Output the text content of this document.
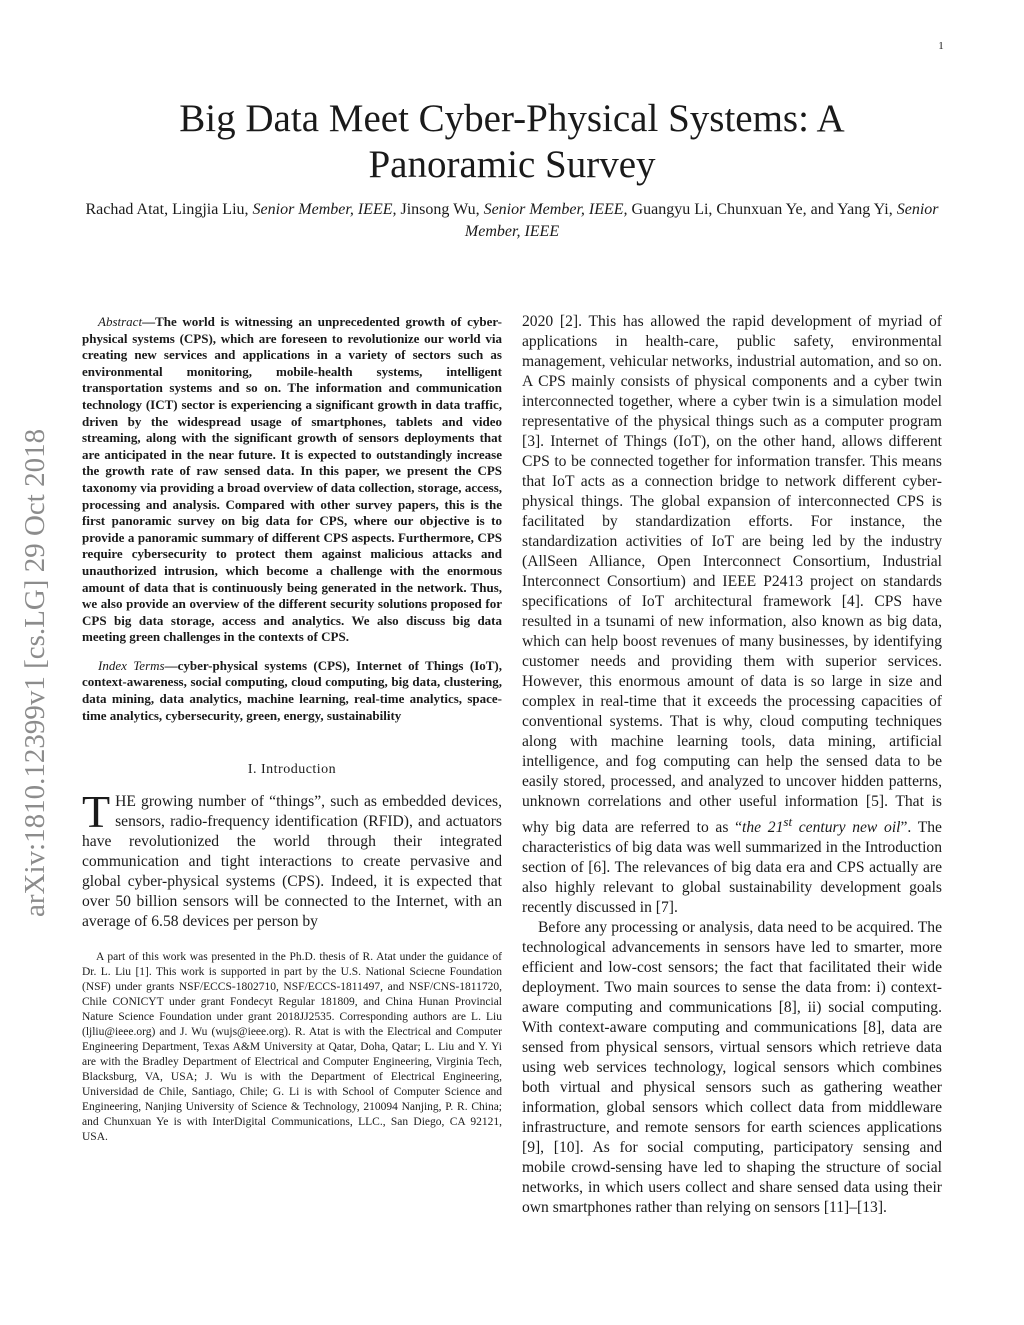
1
arXiv:1810.12399v1 [cs.LG] 29 Oct 2018
Big Data Meet Cyber-Physical Systems: A Panoramic Survey
Rachad Atat, Lingjia Liu, Senior Member, IEEE, Jinsong Wu, Senior Member, IEEE, Guangyu Li, Chunxuan Ye, and Yang Yi, Senior Member, IEEE

Abstract—The world is witnessing an unprecedented growth of cyber-physical systems (CPS), which are foreseen to revolutionize our world via creating new services and applications in a variety of sectors such as environmental monitoring, mobile-health systems, intelligent transportation systems and so on. The information and communication technology (ICT) sector is experiencing a significant growth in data traffic, driven by the widespread usage of smartphones, tablets and video streaming, along with the significant growth of sensors deployments that are anticipated in the near future. It is expected to outstandingly increase the growth rate of raw sensed data. In this paper, we present the CPS taxonomy via providing a broad overview of data collection, storage, access, processing and analysis. Compared with other survey papers, this is the first panoramic survey on big data for CPS, where our objective is to provide a panoramic summary of different CPS aspects. Furthermore, CPS require cybersecurity to protect them against malicious attacks and unauthorized intrusion, which become a challenge with the enormous amount of data that is continuously being generated in the network. Thus, we also provide an overview of the different security solutions proposed for CPS big data storage, access and analytics. We also discuss big data meeting green challenges in the contexts of CPS.

Index Terms—cyber-physical systems (CPS), Internet of Things (IoT), context-awareness, social computing, cloud computing, big data, clustering, data mining, data analytics, machine learning, real-time analytics, space-time analytics, cybersecurity, green, energy, sustainability

I. Introduction

THE growing number of “things”, such as embedded devices, sensors, radio-frequency identification (RFID), and actuators have revolutionized the world through their integrated communication and tight interactions to create pervasive and global cyber-physical systems (CPS). Indeed, it is expected that over 50 billion sensors will be connected to the Internet, with an average of 6.58 devices per person by

A part of this work was presented in the Ph.D. thesis of R. Atat under the guidance of Dr. L. Liu [1]. This work is supported in part by the U.S. National Sciecne Foundation (NSF) under grants NSF/ECCS-1802710, NSF/ECCS-1811497, and NSF/CNS-1811720, Chile CONICYT under grant Fondecyt Regular 181809, and China Hunan Provincial Nature Science Foundation under grant 2018JJ2535. Corresponding authors are L. Liu (ljliu@ieee.org) and J. Wu (wujs@ieee.org). R. Atat is with the Electrical and Computer Engineering Department, Texas A&M University at Qatar, Doha, Qatar; L. Liu and Y. Yi are with the Bradley Department of Electrical and Computer Engineering, Virginia Tech, Blacksburg, VA, USA; J. Wu is with the Department of Electrical Engineering, Universidad de Chile, Santiago, Chile; G. Li is with School of Computer Science and Engineering, Nanjing University of Science & Technology, 210094 Nanjing, P. R. China; and Chunxuan Ye is with InterDigital Communications, LLC., San Diego, CA 92121, USA.

2020 [2]. This has allowed the rapid development of myriad of applications in health-care, public safety, environmental management, vehicular networks, industrial automation, and so on. A CPS mainly consists of physical components and a cyber twin interconnected together, where a cyber twin is a simulation model representative of the physical things such as a computer program [3]. Internet of Things (IoT), on the other hand, allows different CPS to be connected together for information transfer. This means that IoT acts as a connection bridge to network different cyber-physical things. The global expansion of interconnected CPS is facilitated by standardization efforts. For instance, the standardization activities of IoT are being led by the industry (AllSeen Alliance, Open Interconnect Consortium, Industrial Interconnect Consortium) and IEEE P2413 project on standards specifications of IoT architectural framework [4]. CPS have resulted in a tsunami of new information, also known as big data, which can help boost revenues of many businesses, by identifying customer needs and providing them with superior services. However, this enormous amount of data is so large in size and complex in real-time that it exceeds the processing capacities of conventional systems. That is why, cloud computing techniques along with machine learning tools, data mining, artificial intelligence, and fog computing can help the sensed data to be easily stored, processed, and analyzed to uncover hidden patterns, unknown correlations and other useful information [5]. That is why big data are referred to as “the 21st century new oil”. The characteristics of big data was well summarized in the Introduction section of [6]. The relevances of big data era and CPS actually are also highly relevant to global sustainability development goals recently discussed in [7].

Before any processing or analysis, data need to be acquired. The technological advancements in sensors have led to smarter, more efficient and low-cost sensors; the fact that facilitated their wide deployment. Two main sources to sense the data from: i) context-aware computing and communications [8], ii) social computing. With context-aware computing and communications [8], data are sensed from physical sensors, virtual sensors which retrieve data using web services technology, logical sensors which combines both virtual and physical sensors such as gathering weather information, global sensors which collect data from middleware infrastructure, and remote sensors for earth sciences applications [9], [10]. As for social computing, participatory sensing and mobile crowd-sensing have led to shaping the structure of social networks, in which users collect and share sensed data using their own smartphones rather than relying on sensors [11]–[13].
